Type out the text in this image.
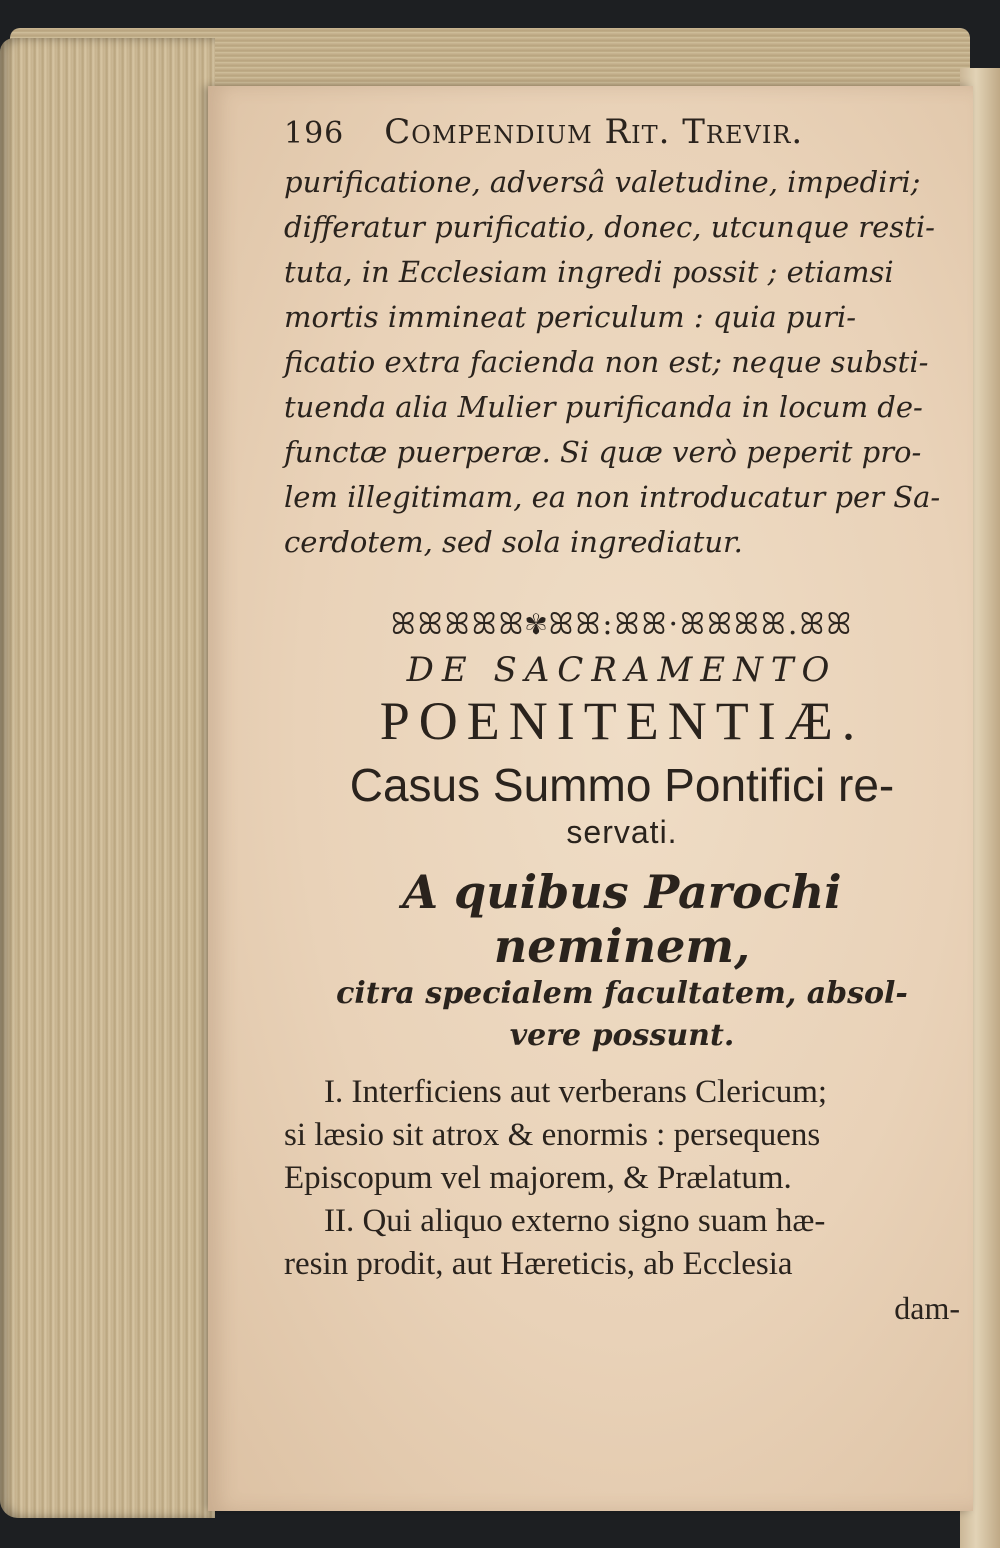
196 Compendium Rit. Trevir.

purificatione, adversâ valetudine, impediri;
differatur purificatio, donec, utcunque resti-
tuta, in Ecclesiam ingredi possit ; etiamsi
mortis immineat periculum : quia puri-
ficatio extra facienda non est; neque substi-
tuenda alia Mulier purificanda in locum de-
functæ puerperæ. Si quæ verò peperit pro-
lem illegitimam, ea non introducatur per Sa-
cerdotem, sed sola ingrediatur.

ꕤꕤꕤꕤꕤ✾ꕤꕤ:ꕤꕤ·ꕤꕤꕤꕤ.ꕤꕤ
DE SACRAMENTO
POENITENTIÆ.
Casus Summo Pontifici re-
servati.
A quibus Parochi neminem,
citra specialem facultatem, absol-
vere possunt.
I. Interficiens aut verberans Clericum;
si læsio sit atrox & enormis : persequens
Episcopum vel majorem, & Prælatum.
II. Qui aliquo externo signo suam hæ-
resin prodit, aut Hæreticis, ab Ecclesia
dam-
